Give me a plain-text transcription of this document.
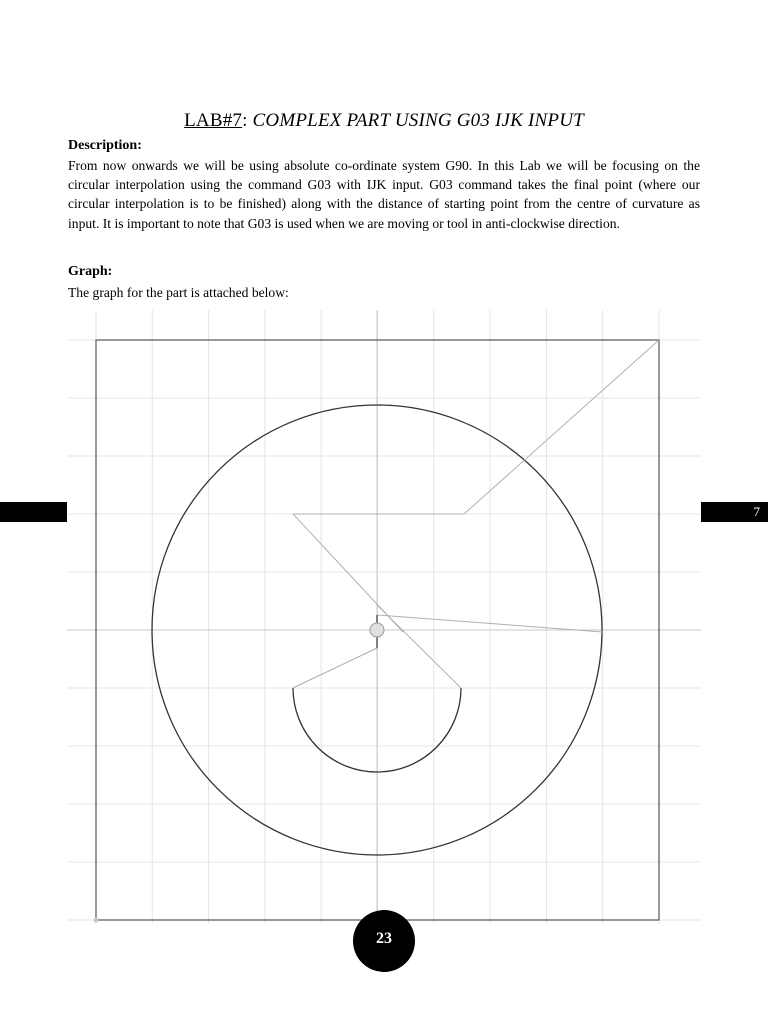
LAB#7: COMPLEX PART USING G03 IJK INPUT
Description:
From now onwards we will be using absolute co-ordinate system G90. In this Lab we will be focusing on the circular interpolation using the command G03 with IJK input. G03 command takes the final point (where our circular interpolation is to be finished) along with the distance of starting point from the centre of curvature as input. It is important to note that G03 is used when we are moving or tool in anti-clockwise direction.
Graph:
The graph for the part is attached below:
7
23
